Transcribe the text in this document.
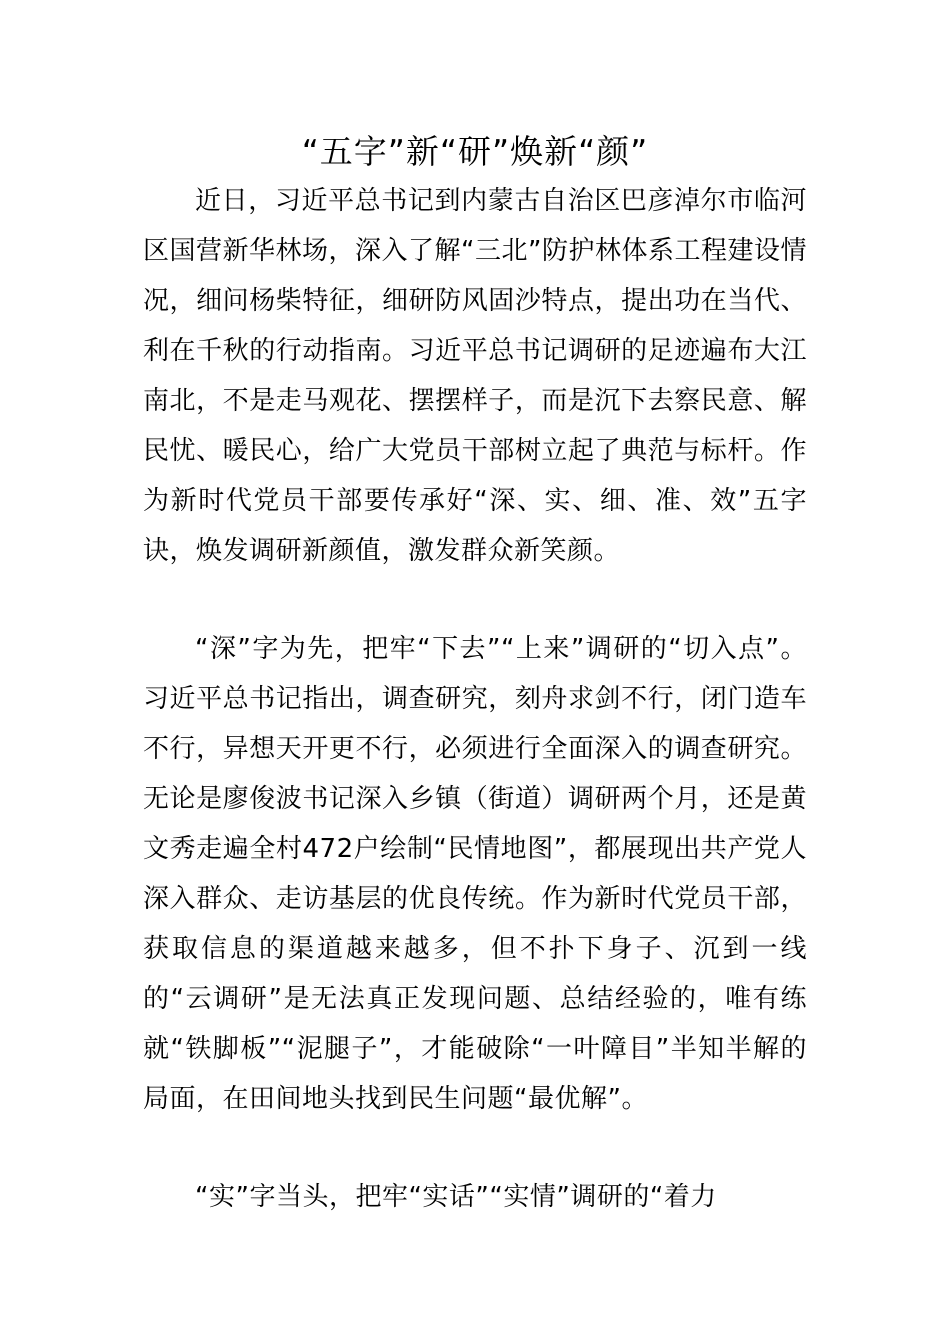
“五字”新“研”焕新“颜”

近日，习近平总书记到内蒙古自治区巴彦淖尔市临河区国营新华林场，深入了解“三北”防护林体系工程建设情况，细问杨柴特征，细研防风固沙特点，提出功在当代、利在千秋的行动指南。习近平总书记调研的足迹遍布大江南北，不是走马观花、摆摆样子，而是沉下去察民意、解民忧、暖民心，给广大党员干部树立起了典范与标杆。作为新时代党员干部要传承好“深、实、细、准、效”五字诀，焕发调研新颜值，激发群众新笑颜。

“深”字为先，把牢“下去”“上来”调研的“切入点”。习近平总书记指出，调查研究，刻舟求剑不行，闭门造车不行，异想天开更不行，必须进行全面深入的调查研究。无论是廖俊波书记深入乡镇（街道）调研两个月，还是黄文秀走遍全村472户绘制“民情地图”，都展现出共产党人深入群众、走访基层的优良传统。作为新时代党员干部，获取信息的渠道越来越多，但不扑下身子、沉到一线的“云调研”是无法真正发现问题、总结经验的，唯有练就“铁脚板”“泥腿子”，才能破除“一叶障目”半知半解的局面，在田间地头找到民生问题“最优解”。

“实”字当头，把牢“实话”“实情”调研的“着力
